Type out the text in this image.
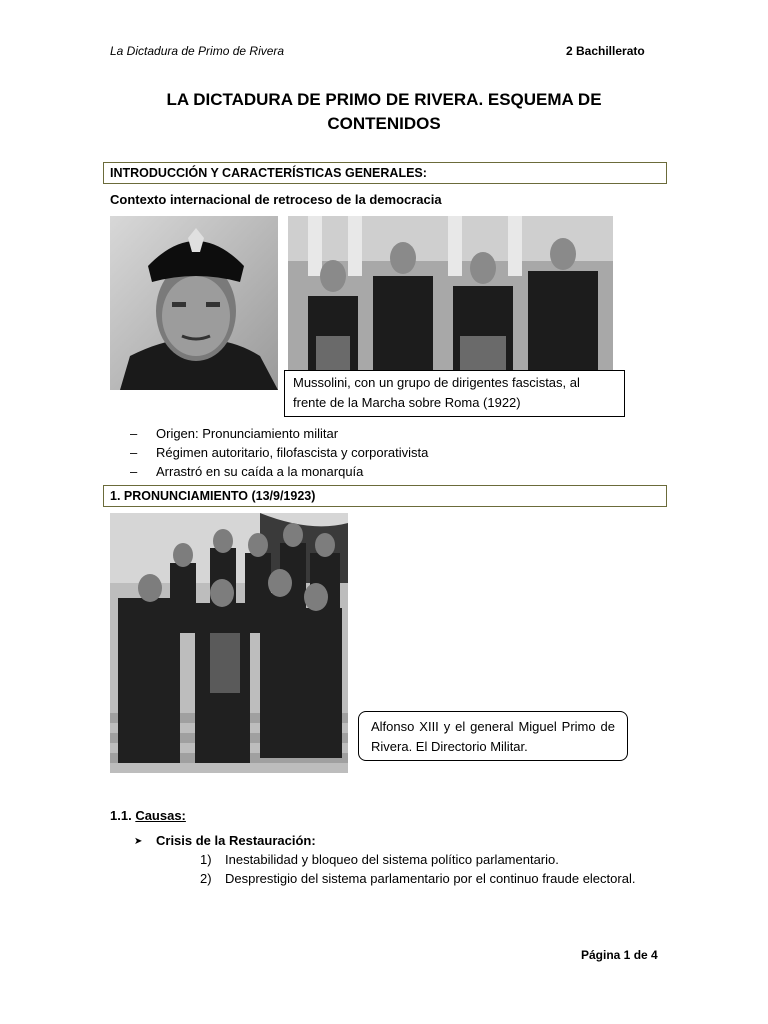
La Dictadura de Primo de Rivera	2 Bachillerato
LA DICTADURA DE PRIMO DE RIVERA. ESQUEMA DE CONTENIDOS
INTRODUCCIÓN Y CARACTERÍSTICAS GENERALES:
Contexto internacional de retroceso de la democracia
Mussolini, con un grupo de dirigentes fascistas, al frente de la Marcha sobre Roma (1922)
– Origen: Pronunciamiento militar
– Régimen autoritario, filofascista y corporativista
– Arrastró en su caída a la monarquía
1. PRONUNCIAMIENTO (13/9/1923)
Alfonso XIII y el general Miguel Primo de Rivera. El Directorio Militar.
1.1. Causas:
➤ Crisis de la Restauración:
1) Inestabilidad y bloqueo del sistema político parlamentario.
2) Desprestigio del sistema parlamentario por el continuo fraude electoral.
Página 1 de 4
